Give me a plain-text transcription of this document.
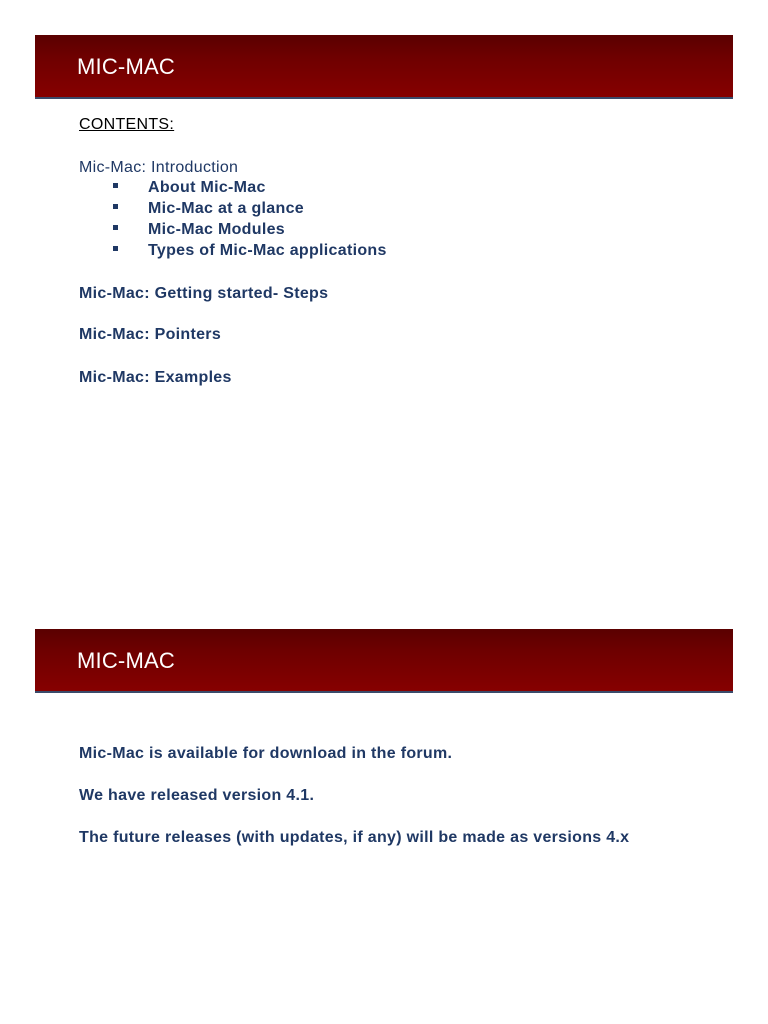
MIC-MAC
CONTENTS:
Mic-Mac: Introduction
About Mic-Mac
Mic-Mac at a glance
Mic-Mac Modules
Types of Mic-Mac applications
Mic-Mac: Getting started- Steps
Mic-Mac: Pointers
Mic-Mac: Examples
MIC-MAC
Mic-Mac is available for download in the forum.
We have released version 4.1.
The future releases (with updates, if any) will be made as versions 4.x
